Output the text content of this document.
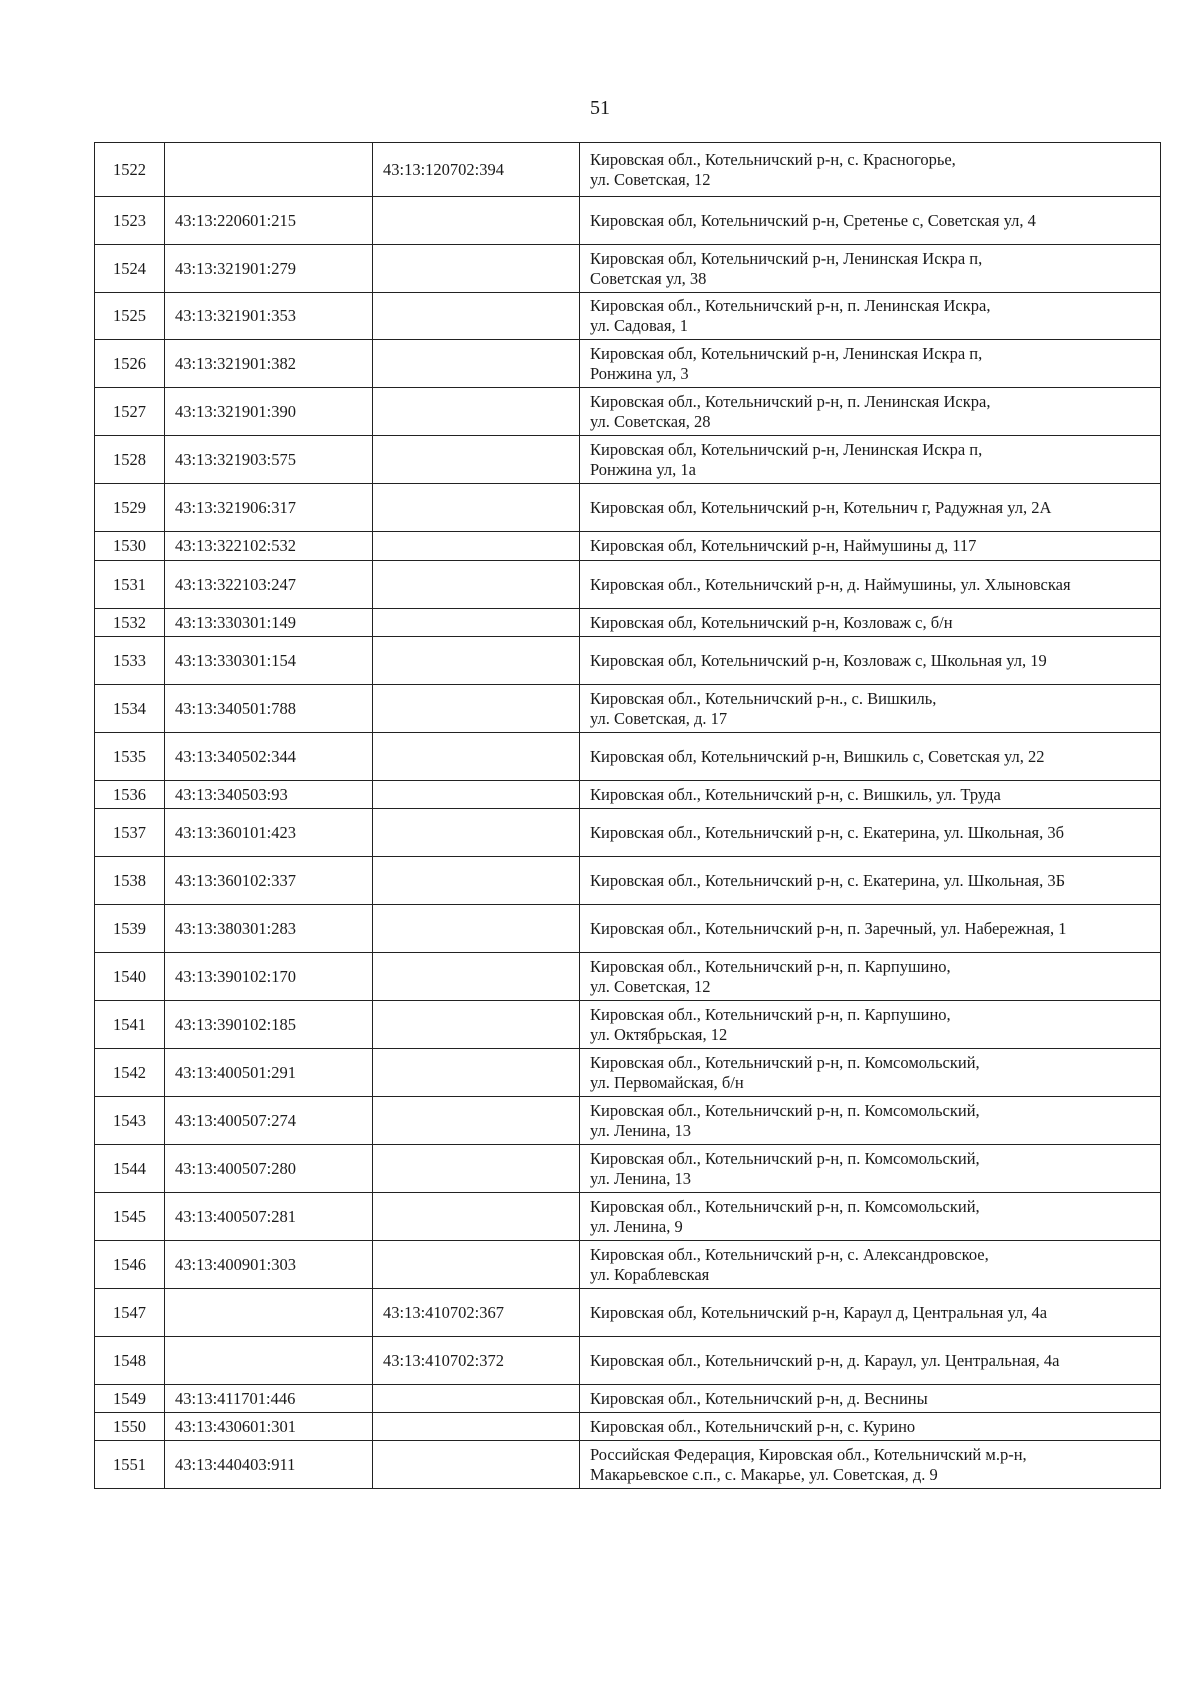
51
1522		43:13:120702:394	Кировская обл., Котельничский р-н, с. Красногорье,
ул. Советская, 12

1523	43:13:220601:215		Кировская обл, Котельничский р-н, Сретенье с, Советская ул, 4

1524	43:13:321901:279		Кировская обл, Котельничский р-н, Ленинская Искра п,
Советская ул, 38

1525	43:13:321901:353		Кировская обл., Котельничский р-н, п. Ленинская Искра,
ул. Садовая, 1

1526	43:13:321901:382		Кировская обл, Котельничский р-н, Ленинская Искра п,
Ронжина ул, 3

1527	43:13:321901:390		Кировская обл., Котельничский р-н, п. Ленинская Искра,
ул. Советская, 28

1528	43:13:321903:575		Кировская обл, Котельничский р-н, Ленинская Искра п,
Ронжина ул, 1а

1529	43:13:321906:317		Кировская обл, Котельничский р-н, Котельнич г, Радужная ул, 2А

1530	43:13:322102:532		Кировская обл, Котельничский р-н, Наймушины д, 117

1531	43:13:322103:247		Кировская обл., Котельничский р-н, д. Наймушины, ул. Хлыновская

1532	43:13:330301:149		Кировская обл, Котельничский р-н, Козловаж с, б/н

1533	43:13:330301:154		Кировская обл, Котельничский р-н, Козловаж с, Школьная ул, 19

1534	43:13:340501:788		Кировская обл., Котельничский р-н., с. Вишкиль,
ул. Советская, д. 17

1535	43:13:340502:344		Кировская обл, Котельничский р-н, Вишкиль с, Советская ул, 22

1536	43:13:340503:93		Кировская обл., Котельничский р-н, с. Вишкиль, ул. Труда

1537	43:13:360101:423		Кировская обл., Котельничский р-н, с. Екатерина, ул. Школьная, 3б

1538	43:13:360102:337		Кировская обл., Котельничский р-н, с. Екатерина, ул. Школьная, 3Б

1539	43:13:380301:283		Кировская обл., Котельничский р-н, п. Заречный, ул. Набережная, 1

1540	43:13:390102:170		Кировская обл., Котельничский р-н, п. Карпушино,
ул. Советская, 12

1541	43:13:390102:185		Кировская обл., Котельничский р-н, п. Карпушино,
ул. Октябрьская, 12

1542	43:13:400501:291		Кировская обл., Котельничский р-н, п. Комсомольский,
ул. Первомайская, б/н

1543	43:13:400507:274		Кировская обл., Котельничский р-н, п. Комсомольский,
ул. Ленина, 13

1544	43:13:400507:280		Кировская обл., Котельничский р-н, п. Комсомольский,
ул. Ленина, 13

1545	43:13:400507:281		Кировская обл., Котельничский р-н, п. Комсомольский,
ул. Ленина, 9

1546	43:13:400901:303		Кировская обл., Котельничский р-н, с. Александровское,
ул. Кораблевская

1547		43:13:410702:367	Кировская обл, Котельничский р-н, Караул д, Центральная ул, 4а

1548		43:13:410702:372	Кировская обл., Котельничский р-н, д. Караул, ул. Центральная, 4а

1549	43:13:411701:446		Кировская обл., Котельничский р-н, д. Веснины

1550	43:13:430601:301		Кировская обл., Котельничский р-н, с. Курино

1551	43:13:440403:911		Российская Федерация, Кировская обл., Котельничский м.р-н,
Макарьевское с.п., с. Макарье, ул. Советская, д. 9
